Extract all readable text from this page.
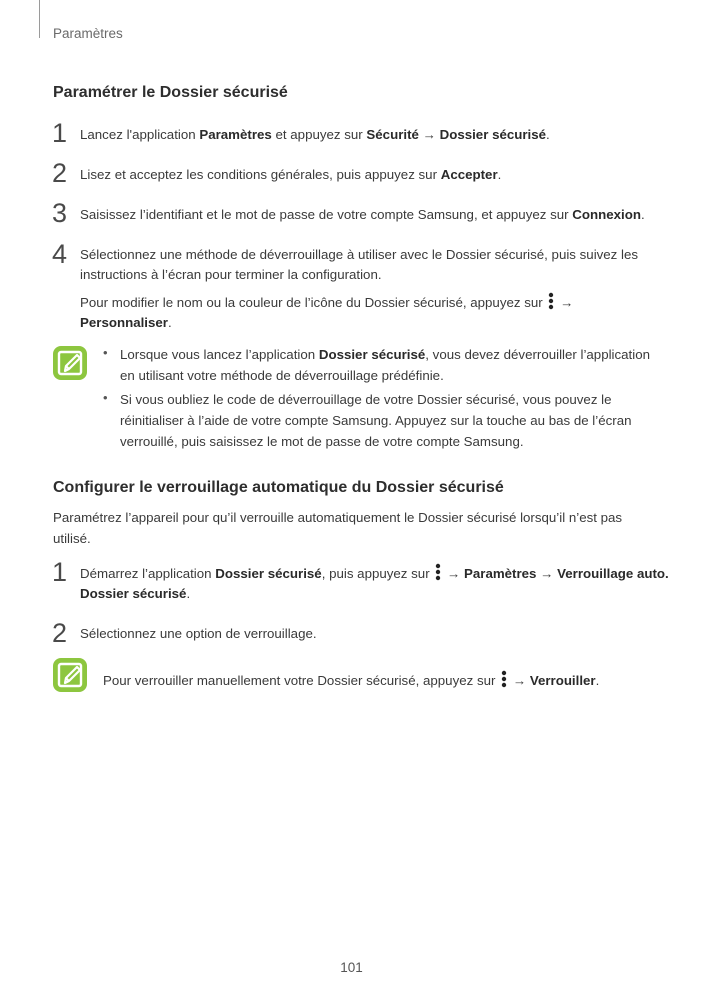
Paramètres
Paramétrer le Dossier sécurisé
1 Lancez l'application Paramètres et appuyez sur Sécurité → Dossier sécurisé.
2 Lisez et acceptez les conditions générales, puis appuyez sur Accepter.
3 Saisissez l’identifiant et le mot de passe de votre compte Samsung, et appuyez sur Connexion.
4 Sélectionnez une méthode de déverrouillage à utiliser avec le Dossier sécurisé, puis suivez les instructions à l’écran pour terminer la configuration.
Pour modifier le nom ou la couleur de l’icône du Dossier sécurisé, appuyez sur  →
Personnaliser.
• Lorsque vous lancez l’application Dossier sécurisé, vous devez déverrouiller l’application en utilisant votre méthode de déverrouillage prédéfinie.
• Si vous oubliez le code de déverrouillage de votre Dossier sécurisé, vous pouvez le réinitialiser à l’aide de votre compte Samsung. Appuyez sur la touche au bas de l’écran verrouillé, puis saisissez le mot de passe de votre compte Samsung.
Configurer le verrouillage automatique du Dossier sécurisé
Paramétrez l’appareil pour qu’il verrouille automatiquement le Dossier sécurisé lorsqu’il n’est pas utilisé.
1 Démarrez l’application Dossier sécurisé, puis appuyez sur  → Paramètres → Verrouillage auto. Dossier sécurisé.
2 Sélectionnez une option de verrouillage.
Pour verrouiller manuellement votre Dossier sécurisé, appuyez sur  → Verrouiller.
101
